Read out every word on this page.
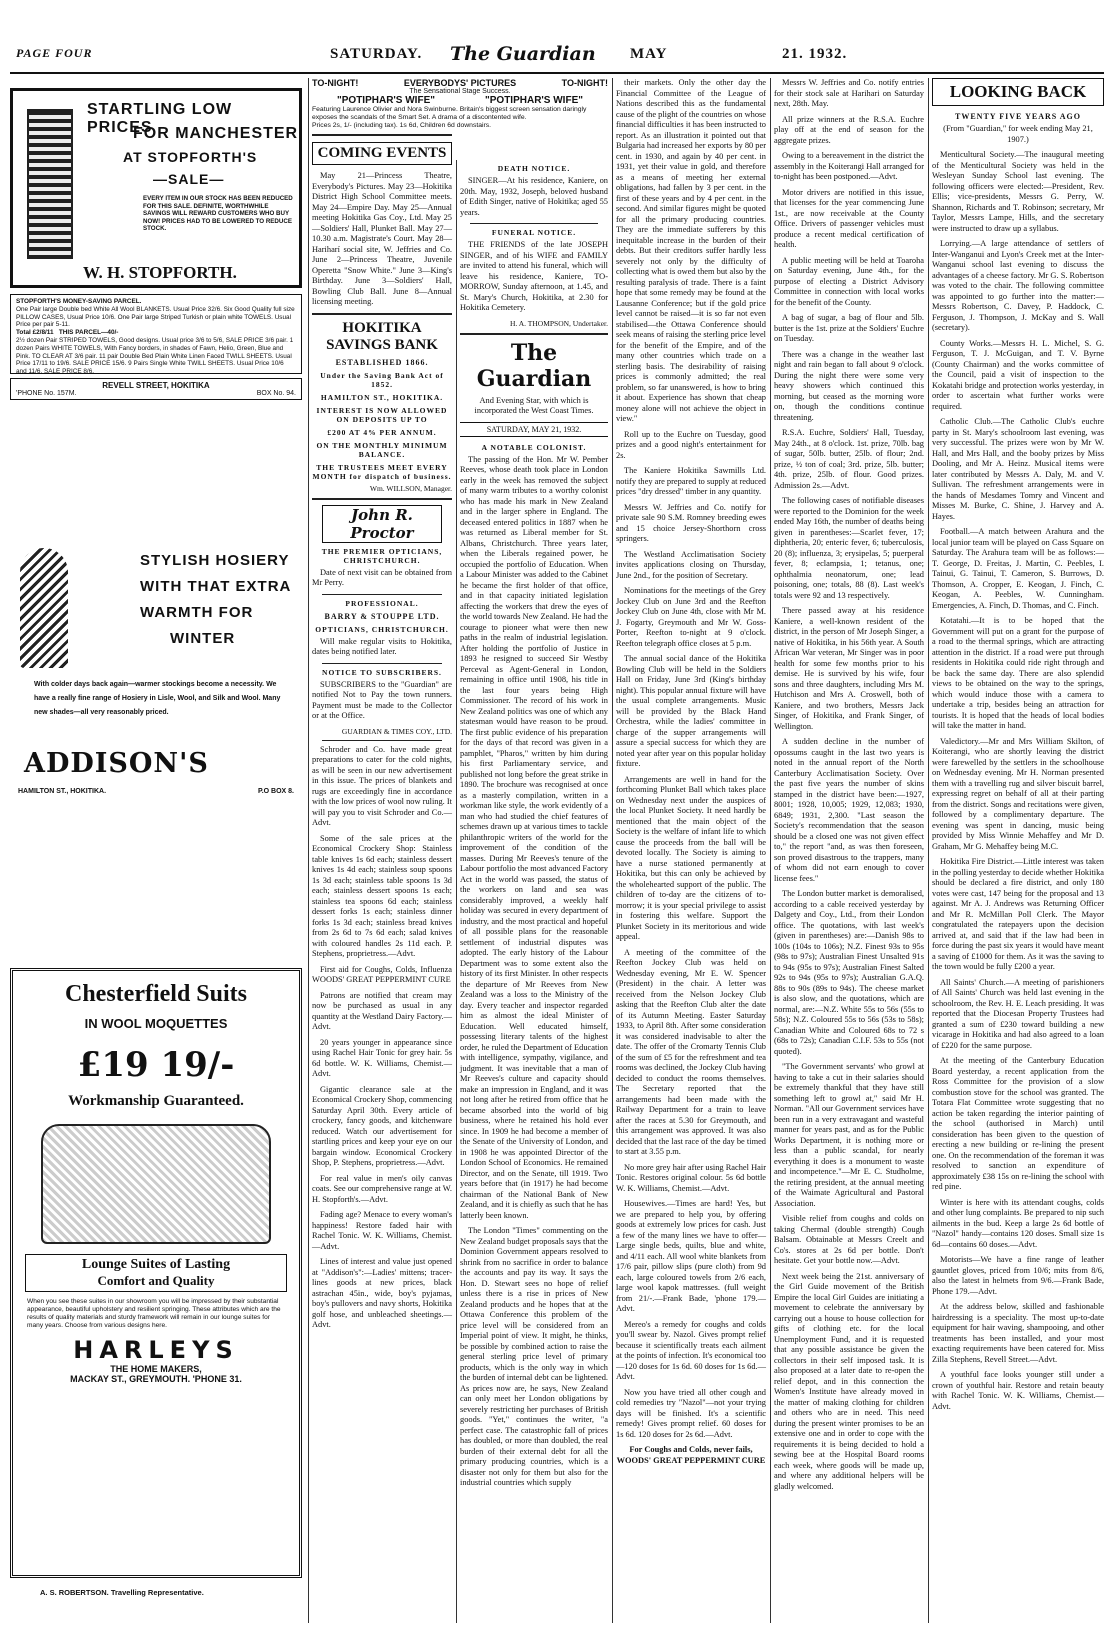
PAGE FOUR	SATURDAY. The Guardian MAY	21. 1932.
STARTLING LOW PRICES
FOR MANCHESTER
AT STOPFORTH'S
—SALE—
EVERY ITEM IN OUR STOCK HAS BEEN REDUCED FOR THIS SALE. DEFINITE, WORTHWHILE SAVINGS WILL REWARD CUSTOMERS WHO BUY NOW! PRICES HAD TO BE LOWERED TO REDUCE STOCK.
W. H. STOPFORTH.
STOPFORTH'S MONEY-SAVING PARCEL.
One Pair large Double bed White All Wool BLANKETS. Usual Price 32/6. Six Good Quality full size PILLOW CASES, Usual Price 10/6. One Pair large Striped Turkish or plain white TOWELS. Usual Price per pair 5-11.
Total £2/8/11 THIS PARCEL—40/-
2½ dozen Pair STRIPED TOWELS, Good designs. Usual price 3/6 to 5/6, SALE PRICE 3/6 pair. 1 dozen Pairs WHITE TOWELS, With Fancy borders, in shades of Fawn, Helio, Green, Blue and Pink. TO CLEAR AT 3/6 pair. 11 pair Double Bed Plain White Linen Faced TWILL SHEETS. Usual Price 17/11 to 19/6. SALE PRICE 15/6. 9 Pairs Single White TWILL SHEETS. Usual Price 10/6 and 11/6. SALE PRICE 8/6.
REVELL STREET, HOKITIKA
'PHONE No. 157M.	BOX No. 94.
STYLISH HOSIERY
WITH THAT EXTRA
WARMTH FOR
WINTER
With colder days back again—warmer stockings become a necessity. We have a really fine range of Hosiery in Lisle, Wool, and Silk and Wool. Many new shades—all very reasonably priced.
ADDISON'S
HAMILTON ST., HOKITIKA.	P.O BOX 8.
Chesterfield Suits
IN WOOL MOQUETTES
£19 19/-
Workmanship Guaranteed.
Lounge Suites of Lasting
Comfort and Quality
When you see these suites in our showroom you will be impressed by their substantial appearance, beautiful upholstery and resilient springing. These attributes which are the results of quality materials and sturdy framework will remain in our lounge suites for many years. Choose from various designs here.
HARLEYS
THE HOME MAKERS,
MACKAY ST., GREYMOUTH. 'PHONE 31.
A. S. ROBERTSON. Travelling Representative.
TO-NIGHT!	EVERYBODYS' PICTURES	TO-NIGHT!
The Sensational Stage Success.
"POTIPHAR'S WIFE"	"POTIPHAR'S WIFE"
Featuring Laurence Olivier and Nora Swinburne. Britain's biggest screen sensation daringly exposes the scandals of the Smart Set. A drama of a discontented wife.
Prices 2s, 1/- (including tax). 1s 6d, Children 6d downstairs.
COMING EVENTS

May 21—Princess Theatre, Everybody's Pictures. May 23—Hokitika District High School Committee meets. May 24—Empire Day. May 25—Annual meeting Hokitika Gas Coy., Ltd. May 25—Soldiers' Hall, Plunket Ball. May 27—10.30 a.m. Magistrate's Court. May 28—Hariharí social site, W. Jeffries and Co. June 2—Princess Theatre, Juvenile Operetta "Snow White." June 3—King's Birthday. June 3—Soldiers' Hall, Bowling Club Ball. June 8—Annual licensing meeting.

HOKITIKA SAVINGS BANK
ESTABLISHED 1866.
Under the Saving Bank Act of 1852.
HAMILTON ST., HOKITIKA.
INTEREST IS NOW ALLOWED ON DEPOSITS UP TO
£200 AT 4% PER ANNUM.
ON THE MONTHLY MINIMUM BALANCE.
THE TRUSTEES MEET EVERY MONTH for dispatch of business.
Wm. WILLSON, Manager.
John R. Proctor
THE PREMIER OPTICIANS, CHRISTCHURCH.

Date of next visit can be obtained from Mr Perry.

PROFESSIONAL.
BARRY & STOUPPE LTD.
OPTICIANS, CHRISTCHURCH.

Will make regular visits to Hokitika, dates being notified later.

NOTICE TO SUBSCRIBERS.

SUBSCRIBERS to the "Guardian" are notified Not to Pay the town runners. Payment must be made to the Collector or at the Office.

GUARDIAN & TIMES COY., LTD.

Schroder and Co. have made great preparations to cater for the cold nights, as will be seen in our new advertisement in this issue. The prices of blankets and rugs are exceedingly fine in accordance with the low prices of wool now ruling. It will pay you to visit Schroder and Co.—Advt.

Some of the sale prices at the Economical Crockery Shop: Stainless table knives 1s 6d each; stainless dessert knives 1s 4d each; stainless soup spoons 1s 3d each; stainless table spoons 1s 3d each; stainless dessert spoons 1s each; stainless tea spoons 6d each; stainless dessert forks 1s each; stainless dinner forks 1s 3d each; stainless bread knives from 2s 6d to 7s 6d each; salad knives with coloured handles 2s 11d each. P. Stephens, proprietress.—Advt.

First aid for Coughs, Colds, Influenza WOODS' GREAT PEPPERMINT CURE

Patrons are notified that cream may now be purchased as usual in any quantity at the Westland Dairy Factory.—Advt.

20 years younger in appearance since using Rachel Hair Tonic for grey hair. 5s 6d bottle. W. K. Williams, Chemist.—Advt.

Gigantic clearance sale at the Economical Crockery Shop, commencing Saturday April 30th. Every article of crockery, fancy goods, and kitchenware reduced. Watch our advertisement for startling prices and keep your eye on our bargain window. Economical Crockery Shop, P. Stephens, proprietress.—Advt.

For real value in men's oily canvas coats. See our comprehensive range at W. H. Stopforth's.—Advt.

Fading age? Menace to every woman's happiness! Restore faded hair with Rachel Tonic. W. K. Williams, Chemist.—Advt.

Lines of interest and value just opened at "Addison's":—Ladies' mittens; tracer-lines goods at new prices, black astrachan 45in., wide, boy's pyjamas, boy's pullovers and navy shorts, Hokitika golf hose, and unbleached sheetings.—Advt.

DEATH NOTICE.

SINGER—At his residence, Kaniere, on 20th. May, 1932, Joseph, beloved husband of Edith Singer, native of Hokitika; aged 55 years.

FUNERAL NOTICE.

THE FRIENDS of the late JOSEPH SINGER, and of his WIFE and FAMILY are invited to attend his funeral, which will leave his residence, Kaniere, TO-MORROW, Sunday afternoon, at 1.45, and St. Mary's Church, Hokitika, at 2.30 for Hokitika Cemetery.

H. A. THOMPSON, Undertaker.
The Guardian

And Evening Star, with which is incorporated the West Coast Times.

SATURDAY, MAY 21, 1932.
A NOTABLE COLONIST.

The passing of the Hon. Mr W. Pember Reeves, whose death took place in London early in the week has removed the subject of many warm tributes to a worthy colonist who has made his mark in New Zealand and in the larger sphere in England. The deceased entered politics in 1887 when he was returned as Liberal member for St. Albans, Christchurch. Three years later, when the Liberals regained power, he occupied the portfolio of Education. When a Labour Minister was added to the Cabinet he became the first holder of that office, and in that capacity initiated legislation affecting the workers that drew the eyes of the world towards New Zealand. He had the courage to pioneer what were then new paths in the realm of industrial legislation. After holding the portfolio of Justice in 1893 he resigned to succeed Sir Westby Perceval as Agent-General in London, remaining in office until 1908, his title in the last four years being High Commissioner. The record of his work in New Zealand politics was one of which any statesman would have reason to be proud. The first public evidence of his preparation for the days of that record was given in a pamphlet, "Pharos," written by him during his first Parliamentary service, and published not long before the great strike in 1890. The brochure was recognised at once as a masterly compilation, written in a workman like style, the work evidently of a man who had studied the chief features of schemes drawn up at various times to tackle philanthropic writers of the world for the improvement of the condition of the masses. During Mr Reeves's tenure of the Labour portfolio the most advanced Factory Act in the world was passed, the status of the workers on land and sea was considerably improved, a weekly half holiday was secured in every department of industry, and the most practical and hopeful of all possible plans for the reasonable settlement of industrial disputes was adopted. The early history of the Labour Department was to some extent also the history of its first Minister. In other respects the departure of Mr Reeves from New Zealand was a loss to the Ministry of the day. Every teacher and inspector regarded him as almost the ideal Minister of Education. Well educated himself, possessing literary talents of the highest order, he ruled the Department of Education with intelligence, sympathy, vigilance, and judgment. It was inevitable that a man of Mr Reeves's culture and capacity should make an impression in England, and it was not long after he retired from office that he became absorbed into the world of big business, where he retained his hold ever since. In 1909 he had become a member of the Senate of the University of London, and in 1908 he was appointed Director of the London School of Economics. He remained Director, and on the Senate, till 1919. Two years before that (in 1917) he had become chairman of the National Bank of New Zealand, and it is chiefly as such that he has latterly been known.

The London "Times" commenting on the New Zealand budget proposals says that the Dominion Government appears resolved to shrink from no sacrifice in order to balance the accounts and pay its way. It says the Hon. D. Stewart sees no hope of relief unless there is a rise in prices of New Zealand products and he hopes that at the Ottawa Conference this problem of the price level will be considered from an Imperial point of view. It might, he thinks, be possible by combined action to raise the general sterling price level of primary products, which is the only way in which the burden of internal debt can be lightened. As prices now are, he says, New Zealand can only meet her London obligations by severely restricting her purchases of British goods. "Yet," continues the writer, "a perfect case. The catastrophic fall of prices has doubled, or more than doubled, the real burden of their external debt for all the primary producing countries, which is a disaster not only for them but also for the industrial countries which supply

their markets. Only the other day the Financial Committee of the League of Nations described this as the fundamental cause of the plight of the countries on whose financial difficulties it has been instructed to report. As an illustration it pointed out that Bulgaria had increased her exports by 80 per cent. in 1930, and again by 40 per cent. in 1931, yet their value in gold, and therefore as a means of meeting her external obligations, had fallen by 3 per cent. in the first of these years and by 4 per cent. in the second. And similar figures might be quoted for all the primary producing countries. They are the immediate sufferers by this inequitable increase in the burden of their debts. But their creditors suffer hardly less severely not only by the difficulty of collecting what is owed them but also by the resulting paralysis of trade. There is a faint hope that some remedy may be found at the Lausanne Conference; but if the gold price level cannot be raised—it is so far not even stabilised—the Ottawa Conference should seek means of raising the sterling price level for the benefit of the Empire, and of the many other countries which trade on a sterling basis. The desirability of raising prices is commonly admitted; the real problem, so far unanswered, is how to bring it about. Experience has shown that cheap money alone will not achieve the object in view."

Roll up to the Euchre on Tuesday, good prizes and a good night's entertainment for 2s.

The Kaniere Hokitika Sawmills Ltd. notify they are prepared to supply at reduced prices "dry dressed" timber in any quantity.

Messrs W. Jeffries and Co. notify for private sale 90 S.M. Romney breeding ewes and 15 choice Jersey-Shorthorn cross springers.

The Westland Acclimatisation Society invites applications closing on Thursday, June 2nd., for the position of Secretary.

Nominations for the meetings of the Grey Jockey Club on June 3rd and the Reefton Jockey Club on June 4th, close with Mr M. J. Fogarty, Greymouth and Mr W. Goss-Porter, Reefton to-night at 9 o'clock. Reefton telegraph office closes at 5 p.m.

The annual social dance of the Hokitika Bowling Club will be held in the Soldiers Hall on Friday, June 3rd (King's birthday night). This popular annual fixture will have the usual complete arrangements. Music will be provided by the Black Hand Orchestra, while the ladies' committee in charge of the supper arrangements will assure a special success for which they are noted year after year on this popular holiday fixture.

Arrangements are well in hand for the forthcoming Plunket Ball which takes place on Wednesday next under the auspices of the local Plunket Society. It need hardly be mentioned that the main object of the Society is the welfare of infant life to which cause the proceeds from the ball will be devoted locally. The Society is aiming to have a nurse stationed permanently at Hokitika, but this can only be achieved by the wholehearted support of the public. The children of to-day are the citizens of to-morrow; it is your special privilege to assist in fostering this welfare. Support the Plunket Society in its meritorious and wide appeal.

A meeting of the committee of the Reefton Jockey Club was held on Wednesday evening, Mr E. W. Spencer (President) in the chair. A letter was received from the Nelson Jockey Club asking that the Reefton Club alter the date of its Autumn Meeting. Easter Saturday 1933, to April 8th. After some consideration it was considered inadvisable to alter the date. The offer of the Cromarty Tennis Club of the sum of £5 for the refreshment and tea rooms was declined, the Jockey Club having decided to conduct the rooms themselves. The Secretary reported that the arrangements had been made with the Railway Department for a train to leave after the races at 5.30 for Greymouth, and this arrangement was approved. It was also decided that the last race of the day be timed to start at 3.55 p.m.

No more grey hair after using Rachel Hair Tonic. Restores original colour. 5s 6d bottle W. K. Williams, Chemist.—Advt.

Housewives.—Times are hard! Yes, but we are prepared to help you, by offering goods at extremely low prices for cash. Just a few of the many lines we have to offer—Large single beds, quilts, blue and white, and 4/11 each. All wool white blankets from 17/6 pair, pillow slips (pure cloth) from 9d each, large coloured towels from 2/6 each, large wool kapok mattresses. (full weight from 21/-.—Frank Bade, 'phone 179.—Advt.

Mereo's a remedy for coughs and colds you'll swear by. Nazol. Gives prompt relief because it scientifically treats each ailment at the points of infection. It's economical too—120 doses for 1s 6d. 60 doses for 1s 6d.—Advt.

Now you have tried all other cough and cold remedies try "Nazol"—not your trying days will be finished. It's a scientific remedy! Gives prompt relief. 60 doses for 1s 6d. 120 doses for 2s 6d.—Advt.

For Coughs and Colds, never fails, WOODS' GREAT PEPPERMINT CURE

Messrs W. Jeffries and Co. notify entries for their stock sale at Harihari on Saturday next, 28th. May.

All prize winners at the R.S.A. Euchre play off at the end of season for the aggregate prizes.

Owing to a bereavement in the district the assembly in the Koiterangi Hall arranged for to-night has been postponed.—Advt.

Motor drivers are notified in this issue, that licenses for the year commencing June 1st., are now receivable at the County Office. Drivers of passenger vehicles must produce a recent medical certification of health.

A public meeting will be held at Toaroha on Saturday evening, June 4th., for the purpose of electing a District Advisory Committee in connection with local works for the benefit of the County.

A bag of sugar, a bag of flour and 5lb. butter is the 1st. prize at the Soldiers' Euchre on Tuesday.

There was a change in the weather last night and rain began to fall about 9 o'clock. During the night there were some very heavy showers which continued this morning, but ceased as the morning wore on, though the conditions continue threatening.

R.S.A. Euchre, Soldiers' Hall, Tuesday, May 24th., at 8 o'clock. 1st. prize, 70lb. bag of sugar, 50lb. butter, 25lb. of flour; 2nd. prize, ½ ton of coal; 3rd. prize, 5lb. butter; 4th. prize, 25lb. of flour. Good prizes. Admission 2s.—Advt.

The following cases of notifiable diseases were reported to the Dominion for the week ended May 16th, the number of deaths being given in parentheses:—Scarlet fever, 17; diphtheria, 20; enteric fever, 6; tuberculosis, 20 (8); influenza, 3; erysipelas, 5; puerperal fever, 8; eclampsia, 1; tetanus, one; ophthalmia neonatorum, one; lead poisoning, one; totals, 88 (8). Last week's totals were 92 and 13 respectively.

There passed away at his residence Kaniere, a well-known resident of the district, in the person of Mr Joseph Singer, a native of Hokitika, in his 56th year. A South African War veteran, Mr Singer was in poor health for some few months prior to his demise. He is survived by his wife, four sons and three daughters, including Mrs M. Hutchison and Mrs A. Croswell, both of Kaniere, and two brothers, Messrs Jack Singer, of Hokitika, and Frank Singer, of Wellington.

A sudden decline in the number of opossums caught in the last two years is noted in the annual report of the North Canterbury Acclimatisation Society. Over the past five years the number of skins stamped in the district have been:—1927, 8001; 1928, 10,005; 1929, 12,083; 1930, 6849; 1931, 2,300. "Last season the Society's recommendation that the season should be a closed one was not given effect to," the report "and, as was then foreseen, son proved disastrous to the trappers, many of whom did not earn enough to cover license fees."

The London butter market is demoralised, according to a cable received yesterday by Dalgety and Coy., Ltd., from their London office. The quotations, with last week's (given in parentheses) are:—Danish 98s to 100s (104s to 106s); N.Z. Finest 93s to 95s (98s to 97s); Australian Finest Unsalted 91s to 94s (95s to 97s); Australian Finest Salted 92s to 94s (95s to 97s); Australian G.A.Q. 88s to 90s (89s to 94s). The cheese market is also slow, and the quotations, which are normal, are:—N.Z. White 55s to 56s (55s to 58s); N.Z. Coloured 55s to 56s (53s to 58s); Canadian White and Coloured 68s to 72 s (68s to 72s); Canadian C.I.F. 53s to 55s (not quoted).

"The Government servants' who growl at having to take a cut in their salaries should be extremely thankful that they have still something left to growl at," said Mr H. Norman. "All our Government services have been run in a very extravagant and wasteful manner for years past, and as for the Public Works Department, it is nothing more or less than a public scandal, for nearly everything it does is a monument to waste and incompetence."—Mr E. C. Studholme, the retiring president, at the annual meeting of the Waimate Agricultural and Pastoral Association.

Visible relief from coughs and colds on taking Chermal (double strength) Cough Balsam. Obtainable at Messrs Creelt and Co's. stores at 2s 6d per bottle. Don't hesitate. Get your bottle now.—Advt.

Next week being the 21st. anniversary of the Girl Guide movement of the British Empire the local Girl Guides are initiating a movement to celebrate the anniversary by carrying out a house to house collection for gifts of clothing etc. for the local Unemployment Fund, and it is requested that any possible assistance be given the collectors in their self imposed task. It is also proposed at a later date to re-open the relief depot, and in this connection the Women's Institute have already moved in the matter of making clothing for children and others who are in need. This need during the present winter promises to be an extensive one and in order to cope with the requirements it is being decided to hold a sewing bee at the Hospital Board rooms each week, where goods will be made up, and where any additional helpers will be gladly welcomed.

LOOKING BACK
TWENTY FIVE YEARS AGO

(From "Guardian," for week ending May 21, 1907.)

Menticultural Society.—The inaugural meeting of the Menticultural Society was held in the Wesleyan Sunday School last evening. The following officers were elected:—President, Rev. Ellis; vice-presidents, Messrs G. Perry, W. Shannon, Richards and T. Robinson; secretary, Mr Taylor, Messrs Lampe, Hills, and the secretary were instructed to draw up a syllabus.

Lorrying.—A large attendance of settlers of Inter-Wanganui and Lyon's Creek met at the Inter-Wanganui school last evening to discuss the advantages of a cheese factory. Mr G. S. Robertson was voted to the chair. The following committee was appointed to go further into the matter:—Messrs Robertson, C. Davey, P. Haddock, C. Ferguson, J. Thompson, J. McKay and S. Wall (secretary).

County Works.—Messrs H. L. Michel, S. G. Ferguson, T. J. McGuigan, and T. V. Byrne (County Chairman) and the works committee of the Council, paid a visit of inspection to the Kokatahi bridge and protection works yesterday, in order to ascertain what further works were required.

Catholic Club.—The Catholic Club's euchre party in St. Mary's schoolroom last evening, was very successful. The prizes were won by Mr W. Hall, and Mrs Hall, and the booby prizes by Miss Dooling, and Mr A. Heinz. Musical items were later contributed by Messrs A. Daly, M. and V. Sullivan. The refreshment arrangements were in the hands of Mesdames Tomry and Vincent and Misses M. Burke, C. Shine, J. Harvey and A. Hayes.

Football.—A match between Arahura and the local junior team will be played on Cass Square on Saturday. The Arahura team will be as follows:—T. George, D. Freitas, J. Martin, C. Peebles, I. Tainui, G. Tainui, T. Cameron, S. Burrows, D. Thomson, A. Cropper, E. Keogan, J. Finch, C. Keogan, A. Peebles, W. Cunningham. Emergencies, A. Finch, D. Thomas, and C. Finch.

Kotatahi.—It is to be hoped that the Government will put on a grant for the purpose of a road to the thermal springs, which are attracting attention in the district. If a road were put through residents in Hokitika could ride right through and be back the same day. There are also splendid views to be obtained on the way to the springs, which would induce those with a camera to undertake a trip, besides being an attraction for tourists. It is hoped that the heads of local bodies will take the matter in hand.

Valedictory.—Mr and Mrs William Skilton, of Koiterangi, who are shortly leaving the district were farewelled by the settlers in the schoolhouse on Wednesday evening. Mr H. Norman presented them with a travelling rug and silver biscuit barrel, expressing regret on behalf of all at their parting from the district. Songs and recitations were given, followed by a complimentary departure. The evening was spent in dancing, music being provided by Miss Winnie Mehaffey and Mr D. Graham, Mr G. Mehaffey being M.C.

Hokitika Fire District.—Little interest was taken in the polling yesterday to decide whether Hokitika should be declared a fire district, and only 180 votes were cast, 147 being for the proposal and 13 against. Mr A. J. Andrews was Returning Officer and Mr R. McMillan Poll Clerk. The Mayor congratulated the ratepayers upon the decision arrived at, and said that if the law had been in force during the past six years it would have meant a saving of £1000 for them. As it was the saving to the town would be fully £200 a year.

All Saints' Church.—A meeting of parishioners of All Saints' Church was held last evening in the schoolroom, the Rev. H. E. Leach presiding. It was reported that the Diocesan Property Trustees had granted a sum of £230 toward building a new vicarage in Hokitika and had also agreed to a loan of £220 for the same purpose.

At the meeting of the Canterbury Education Board yesterday, a recent application from the Ross Committee for the provision of a slow combustion stove for the school was granted. The Totara Flat Committee wrote suggesting that no action be taken regarding the interior painting of the school (authorised in March) until consideration has been given to the question of erecting a new building or re-lining the present one. On the recommendation of the foreman it was resolved to sanction an expenditure of approximately £38 15s on re-lining the school with red pine.

Winter is here with its attendant coughs, colds and other lung complaints. Be prepared to nip such ailments in the bud. Keep a large 2s 6d bottle of "Nazol" handy—contains 120 doses. Small size 1s 6d—contains 60 doses.—Advt.

Motorists—We have a fine range of leather gauntlet gloves, priced from 10/6; mits from 8/6, also the latest in helmets from 9/6.—Frank Bade, Phone 179.—Advt.

At the address below, skilled and fashionable hairdressing is a speciality. The most up-to-date equipment for hair waving, shampooing, and other treatments has been installed, and your most exacting requirements have been catered for. Miss Zilla Stephens, Revell Street.—Advt.

A youthful face looks younger still under a crown of youthful hair. Restore and retain beauty with Rachel Tonic. W. K. Williams, Chemist.—Advt.
